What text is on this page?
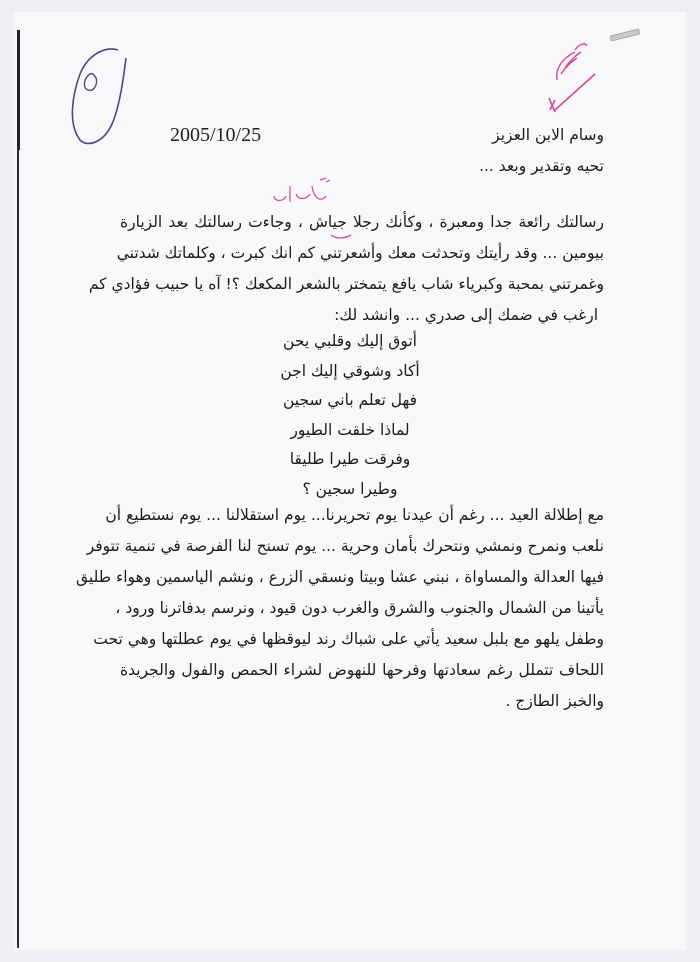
2005/10/25	وسام الابن العزيز
تحيه وتقدير وبعد ...
رسالتك رائعة جدا ومعبرة ، وكأنك رجلا جياش ، وجاءت رسالتك بعد الزيارة
بيومين ... وقد رأيتك وتحدثت معك وأشعرتني كم انك كبرت ، وكلماتك شدتني
وغمرتني بمحبة وكبرياء شاب يافع يتمختر بالشعر المكعك ؟! آه يا حبيب فؤادي كم
ارغب في ضمك إلى صدري ... وانشد لك:
أتوق إليك وقلبي يحن
أكاد وشوقي إليك اجن
فهل تعلم باني سجين
لماذا خلقت الطيور
وفرقت طيرا طليقا
وطيرا سجين ؟
مع إطلالة العيد ... رغم أن عيدنا يوم تحريرنا... يوم استقلالنا ... يوم نستطيع أن
نلعب ونمرح ونمشي ونتحرك بأمان وحرية ... يوم تسنح لنا الفرصة في تنمية تتوفر
فيها العدالة والمساواة ، نبني عشا وبيتا ونسقي الزرع ، ونشم الياسمين وهواء طليق
يأتينا من الشمال والجنوب والشرق والغرب دون قيود ، ونرسم بدفاترنا ورود ،
وطفل يلهو مع بلبل سعيد يأتي على شباك رند ليوقظها في يوم عطلتها وهي تحت
اللحاف تتملل رغم سعادتها وفرحها للنهوض لشراء الحمص والفول والجريدة
والخبز الطازج .
